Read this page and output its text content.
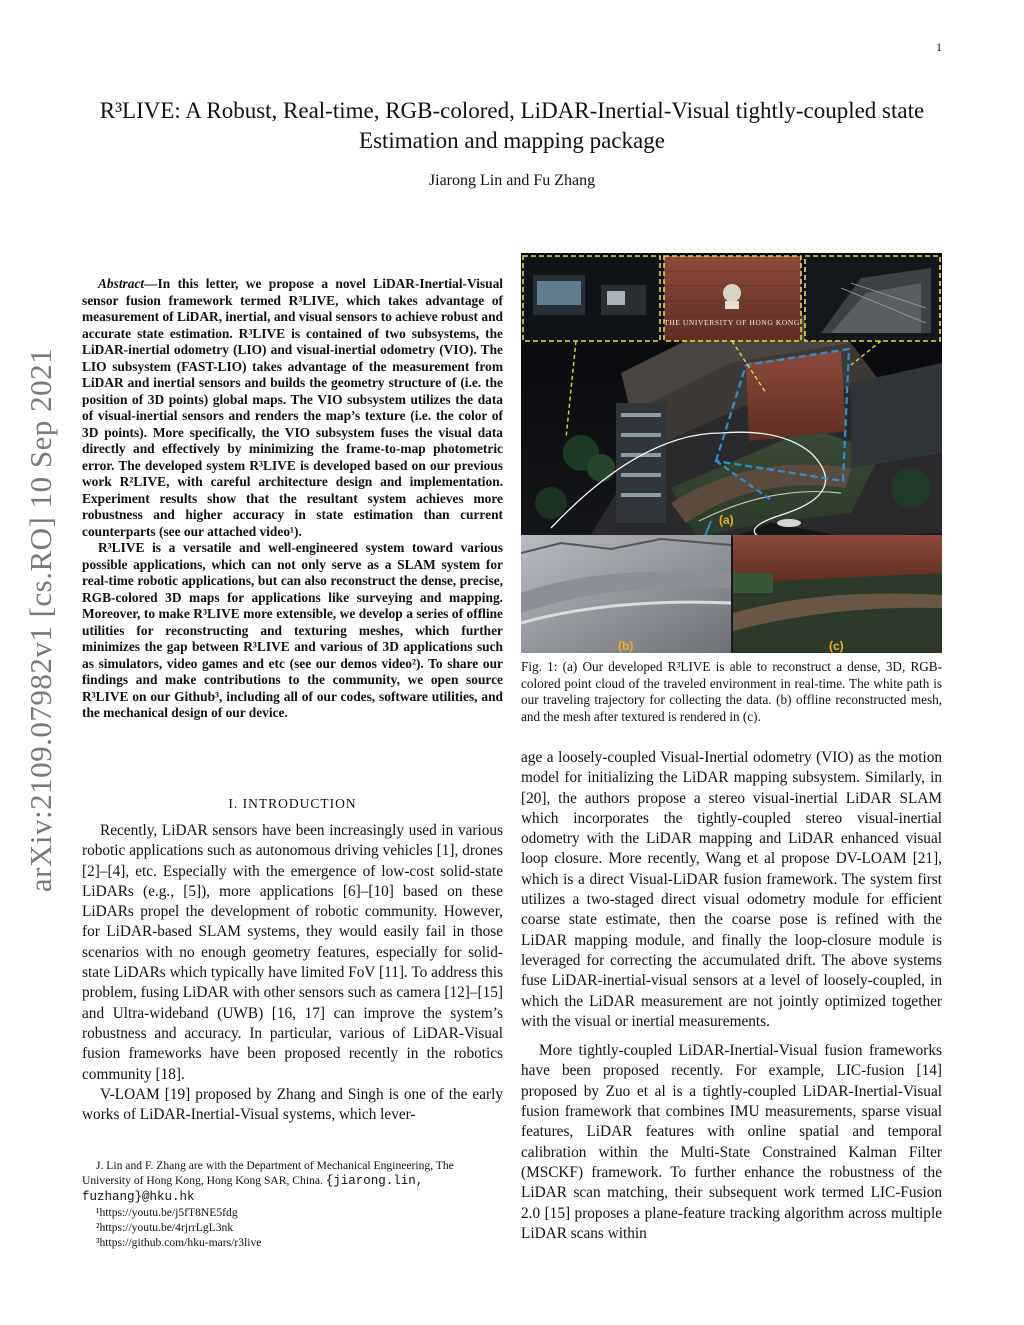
1
arXiv:2109.07982v1 [cs.RO] 10 Sep 2021
R³LIVE: A Robust, Real-time, RGB-colored, LiDAR-Inertial-Visual tightly-coupled state
Estimation and mapping package
Jiarong Lin and Fu Zhang

Abstract—In this letter, we propose a novel LiDAR-Inertial-Visual sensor fusion framework termed R³LIVE, which takes advantage of measurement of LiDAR, inertial, and visual sensors to achieve robust and accurate state estimation. R³LIVE is contained of two subsystems, the LiDAR-inertial odometry (LIO) and visual-inertial odometry (VIO). The LIO subsystem (FAST-LIO) takes advantage of the measurement from LiDAR and inertial sensors and builds the geometry structure of (i.e. the position of 3D points) global maps. The VIO subsystem utilizes the data of visual-inertial sensors and renders the map’s texture (i.e. the color of 3D points). More specifically, the VIO subsystem fuses the visual data directly and effectively by minimizing the frame-to-map photometric error. The developed system R³LIVE is developed based on our previous work R²LIVE, with careful architecture design and implementation. Experiment results show that the resultant system achieves more robustness and higher accuracy in state estimation than current counterparts (see our attached video¹).

R³LIVE is a versatile and well-engineered system toward various possible applications, which can not only serve as a SLAM system for real-time robotic applications, but can also reconstruct the dense, precise, RGB-colored 3D maps for applications like surveying and mapping. Moreover, to make R³LIVE more extensible, we develop a series of offline utilities for reconstructing and texturing meshes, which further minimizes the gap between R³LIVE and various of 3D applications such as simulators, video games and etc (see our demos video²). To share our findings and make contributions to the community, we open source R³LIVE on our Github³, including all of our codes, software utilities, and the mechanical design of our device.

I. INTRODUCTION

Recently, LiDAR sensors have been increasingly used in various robotic applications such as autonomous driving vehicles [1], drones [2]–[4], etc. Especially with the emergence of low-cost solid-state LiDARs (e.g., [5]), more applications [6]–[10] based on these LiDARs propel the development of robotic community. However, for LiDAR-based SLAM systems, they would easily fail in those scenarios with no enough geometry features, especially for solid-state LiDARs which typically have limited FoV [11]. To address this problem, fusing LiDAR with other sensors such as camera [12]–[15] and Ultra-wideband (UWB) [16, 17] can improve the system’s robustness and accuracy. In particular, various of LiDAR-Visual fusion frameworks have been proposed recently in the robotics community [18].

V-LOAM [19] proposed by Zhang and Singh is one of the early works of LiDAR-Inertial-Visual systems, which lever-

J. Lin and F. Zhang are with the Department of Mechanical Engineering, The University of Hong Kong, Hong Kong SAR, China. {jiarong.lin, fuzhang}@hku.hk

¹https://youtu.be/j5fT8NE5fdg

²https://youtu.be/4rjrrLgL3nk

³https://github.com/hku-mars/r3live

THE UNIVERSITY OF HONG KONG
(a)
(b)	(c)
Fig. 1: (a) Our developed R³LIVE is able to reconstruct a dense, 3D, RGB-colored point cloud of the traveled environment in real-time. The white path is our traveling trajectory for collecting the data. (b) offline reconstructed mesh, and the mesh after textured is rendered in (c).

age a loosely-coupled Visual-Inertial odometry (VIO) as the motion model for initializing the LiDAR mapping subsystem. Similarly, in [20], the authors propose a stereo visual-inertial LiDAR SLAM which incorporates the tightly-coupled stereo visual-inertial odometry with the LiDAR mapping and LiDAR enhanced visual loop closure. More recently, Wang et al propose DV-LOAM [21], which is a direct Visual-LiDAR fusion framework. The system first utilizes a two-staged direct visual odometry module for efficient coarse state estimate, then the coarse pose is refined with the LiDAR mapping module, and finally the loop-closure module is leveraged for correcting the accumulated drift. The above systems fuse LiDAR-inertial-visual sensors at a level of loosely-coupled, in which the LiDAR measurement are not jointly optimized together with the visual or inertial measurements.

More tightly-coupled LiDAR-Inertial-Visual fusion frameworks have been proposed recently. For example, LIC-fusion [14] proposed by Zuo et al is a tightly-coupled LiDAR-Inertial-Visual fusion framework that combines IMU measurements, sparse visual features, LiDAR features with online spatial and temporal calibration within the Multi-State Constrained Kalman Filter (MSCKF) framework. To further enhance the robustness of the LiDAR scan matching, their subsequent work termed LIC-Fusion 2.0 [15] proposes a plane-feature tracking algorithm across multiple LiDAR scans within
